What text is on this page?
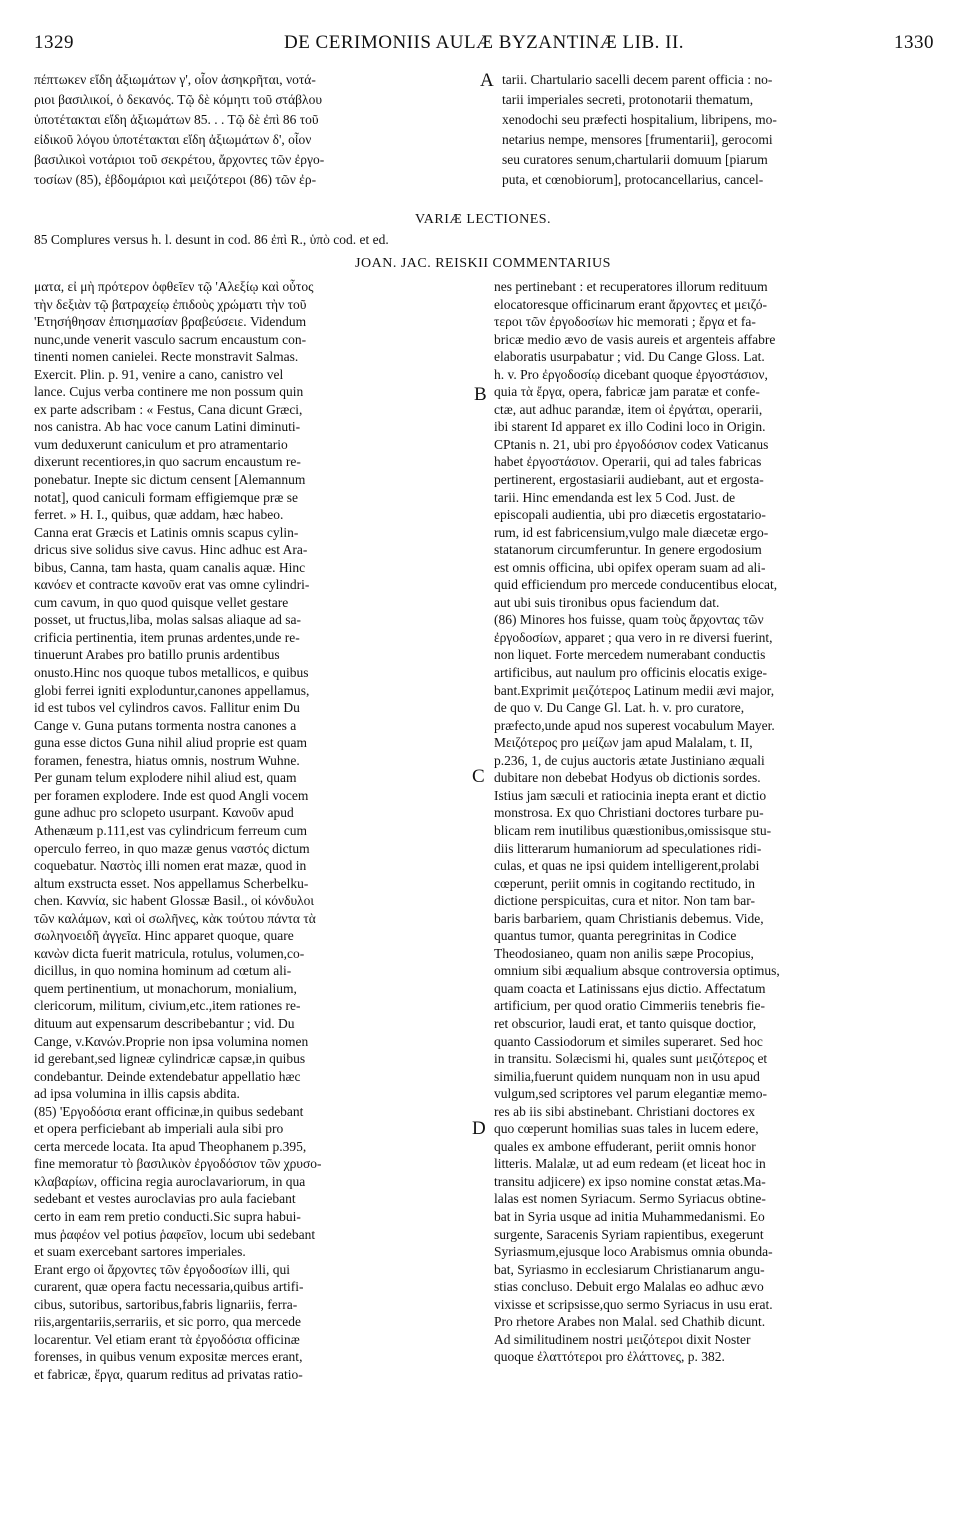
1329	DE CERIMONIIS AULÆ BYZANTINÆ LIB. II.	1330
πέπτωκεν εἴδη ἀξιωμάτων γ', οἷον ἀσηκρῆται, νοτά-
ριοι βασιλικοί, ὁ δεκανός. Τῷ δὲ κόμητι τοῦ στάβλου
ὑποτέτακται εἴδη ἀξιωμάτων 85. . . Τῷ δὲ ἐπὶ 86 τοῦ
εἰδικοῦ λόγου ὑποτέτακται εἴδη ἀξιωμάτων δ', οἷον
βασιλικοὶ νοτάριοι τοῦ σεκρέτου, ἄρχοντες τῶν ἐργο-
τοσίων (85), ἑβδομάριοι καὶ μειζότεροι (86) τῶν ἐρ-
A tarii. Chartulario sacelli decem parent officia : no-
tarii imperiales secreti, protonotarii thematum,
xenodochi seu præfecti hospitalium, libripens, mo-
netarius nempe, mensores [frumentarii], gerocomi
seu curatores senum,chartularii domuum [piarum
puta, et cœnobiorum], protocancellarius, cancel-
VARIÆ LECTIONES.
85 Complures versus h. l. desunt in cod. 86 ἐπὶ R., ὑπὸ cod. et ed.
JOAN. JAC. REISKII COMMENTARIUS
ματα, εἰ μὴ πρότερον ὀφθεῖεν τῷ 'Αλεξίῳ καὶ οὗτος
τὴν δεξιὰν τῷ βατραχείῳ ἐπιδοὺς χρώματι τὴν τοῦ
'Ετησήθησαν ἐπισημασίαν βραβεύσειε. Videndum
nunc,unde venerit vasculo sacrum encaustum con-
tinenti nomen canielei. Recte monstravit Salmas.
Exercit. Plin. p. 91, venire a cano, canistro vel
lance. Cujus verba continere me non possum quin
ex parte adscribam : « Festus, Cana dicunt Græci,
nos canistra. Ab hac voce canum Latini diminuti-
vum deduxerunt caniculum et pro atramentario
dixerunt recentiores,in quo sacrum encaustum re-
ponebatur. Inepte sic dictum censent [Alemannum
notat], quod caniculi formam effigiemque præ se
ferret. » H. I., quibus, quæ addam, hæc habeo.
Canna erat Græcis et Latinis omnis scapus cylin-
dricus sive solidus sive cavus. Hinc adhuc est Ara-
bibus, Canna, tam hasta, quam canalis aquæ. Hinc
κανόεν et contracte κανοῦν erat vas omne cylindri-
cum cavum, in quo quod quisque vellet gestare
posset, ut fructus,liba, molas salsas aliaque ad sa-
crificia pertinentia, item prunas ardentes,unde re-
tinuerunt Arabes pro batillo prunis ardentibus
onusto.Hinc nos quoque tubos metallicos, e quibus
globi ferrei igniti exploduntur,canones appellamus,
id est tubos vel cylindros cavos. Fallitur enim Du
Cange v. Guna putans tormenta nostra canones a
guna esse dictos Guna nihil aliud proprie est quam
foramen, fenestra, hiatus omnis, nostrum Wuhne.
Per gunam telum explodere nihil aliud est, quam
per foramen explodere. Inde est quod Angli vocem
gune adhuc pro sclopeto usurpant. Κανοῦν apud
Athenæum p.111,est vas cylindricum ferreum cum
operculo ferreo, in quo mazæ genus ναστός dictum
coquebatur. Ναστὸς illi nomen erat mazæ, quod in
altum exstructa esset. Nos appellamus Scherbelku-
chen. Καννία, sic habent Glossæ Basil., οἱ κόνδυλοι
τῶν καλάμων, καὶ οἱ σωλῆνες, κὰκ τούτου πάντα τὰ
σωληνοειδῆ ἀγγεῖα. Hinc apparet quoque, quare
κανὼν dicta fuerit matricula, rotulus, volumen,co-
dicillus, in quo nomina hominum ad cœtum ali-
quem pertinentium, ut monachorum, monialium,
clericorum, militum, civium,etc.,item rationes re-
dituum aut expensarum describebantur ; vid. Du
Cange, v.Κανών.Proprie non ipsa volumina nomen
id gerebant,sed ligneæ cylindricæ capsæ,in quibus
condebantur. Deinde extendebatur appellatio hæc
ad ipsa volumina in illis capsis abdita.
(85) 'Εργοδόσια erant officinæ,in quibus sedebant
et opera perficiebant ab imperiali aula sibi pro
certa mercede locata. Ita apud Theophanem p.395,
fine memoratur τὸ βασιλικὸν ἐργοδόσιον τῶν χρυσο-
κλαβαρίων, officina regia auroclavariorum, in qua
sedebant et vestes auroclavias pro aula faciebant
certo in eam rem pretio conducti.Sic supra habui-
mus ῥαφέον vel potius ῥαφεῖον, locum ubi sedebant
et suam exercebant sartores imperiales.
Erant ergo οἱ ἄρχοντες τῶν ἐργοδοσίων illi, qui
curarent, quæ opera factu necessaria,quibus artifi-
cibus, sutoribus, sartoribus,fabris lignariis, ferra-
riis,argentariis,serrariis, et sic porro, qua mercede
locarentur. Vel etiam erant τὰ ἐργοδόσια officinæ
forenses, in quibus venum expositæ merces erant,
et fabricæ, ἔργα, quarum reditus ad privatas ratio-
B
C
D
nes pertinebant : et recuperatores illorum redituum
elocatoresque officinarum erant ἄρχοντες et μειζό-
τεροι τῶν ἐργοδοσίων hic memorati ; ἔργα et fa-
bricæ medio ævo de vasis aureis et argenteis affabre
elaboratis usurpabatur ; vid. Du Cange Gloss. Lat.
h. v. Pro ἐργοδοσίῳ dicebant quoque ἐργοστάσιον,
quia τὰ ἔργα, opera, fabricæ jam paratæ et confe-
ctæ, aut adhuc parandæ, item οἱ ἐργάται, operarii,
ibi starent Id apparet ex illo Codini loco in Origin.
CPtanis n. 21, ubi pro ἐργοδόσιον codex Vaticanus
habet ἐργοστάσιον. Operarii, qui ad tales fabricas
pertinerent, ergostasiarii audiebant, aut et ergosta-
tarii. Hinc emendanda est lex 5 Cod. Just. de
episcopali audientia, ubi pro diæcetis ergostatario-
rum, id est fabricensium,vulgo male diæcetæ ergo-
statanorum circumferuntur. In genere ergodosium
est omnis officina, ubi opifex operam suam ad ali-
quid efficiendum pro mercede conducentibus elocat,
aut ubi suis tironibus opus faciendum dat.
(86) Minores hos fuisse, quam τοὺς ἄρχοντας τῶν
ἐργοδοσίων, apparet ; qua vero in re diversi fuerint,
non liquet. Forte mercedem numerabant conductis
artificibus, aut naulum pro officinis elocatis exige-
bant.Exprimit μειζότερος Latinum medii ævi major,
de quo v. Du Cange Gl. Lat. h. v. pro curatore,
præfecto,unde apud nos superest vocabulum Mayer.
Μειζότερος pro μείζων jam apud Malalam, t. II,
p.236, 1, de cujus auctoris ætate Justiniano æquali
dubitare non debebat Hodyus ob dictionis sordes.
Istius jam sæculi et ratiocinia inepta erant et dictio
monstrosa. Ex quo Christiani doctores turbare pu-
blicam rem inutilibus quæstionibus,omissisque stu-
diis litterarum humaniorum ad speculationes ridi-
culas, et quas ne ipsi quidem intelligerent,prolabi
cœperunt, periit omnis in cogitando rectitudo, in
dictione perspicuitas, cura et nitor. Non tam bar-
baris barbariem, quam Christianis debemus. Vide,
quantus tumor, quanta peregrinitas in Codice
Theodosianeo, quam non anilis sæpe Procopius,
omnium sibi æqualium absque controversia optimus,
quam coacta et Latinissans ejus dictio. Affectatum
artificium, per quod oratio Cimmeriis tenebris fie-
ret obscurior, laudi erat, et tanto quisque doctior,
quanto Cassiodorum et similes superaret. Sed hoc
in transitu. Solæcismi hi, quales sunt μειζότερος et
similia,fuerunt quidem nunquam non in usu apud
vulgum,sed scriptores vel parum elegantiæ memo-
res ab iis sibi abstinebant. Christiani doctores ex
quo cœperunt homilias suas tales in lucem edere,
quales ex ambone effuderant, periit omnis honor
litteris. Malalæ, ut ad eum redeam (et liceat hoc in
transitu adjicere) ex ipso nomine constat ætas.Ma-
lalas est nomen Syriacum. Sermo Syriacus obtine-
bat in Syria usque ad initia Muhammedanismi. Eo
surgente, Saracenis Syriam rapientibus, exegerunt
Syriasmum,ejusque loco Arabismus omnia obunda-
bat, Syriasmo in ecclesiarum Christianarum angu-
stias concluso. Debuit ergo Malalas eo adhuc ævo
vixisse et scripsisse,quo sermo Syriacus in usu erat.
Pro rhetore Arabes non Malal. sed Chathib dicunt.
Ad similitudinem nostri μειζότεροι dixit Noster
quoque ἐλαττότεροι pro ἐλάττονες, p. 382.
